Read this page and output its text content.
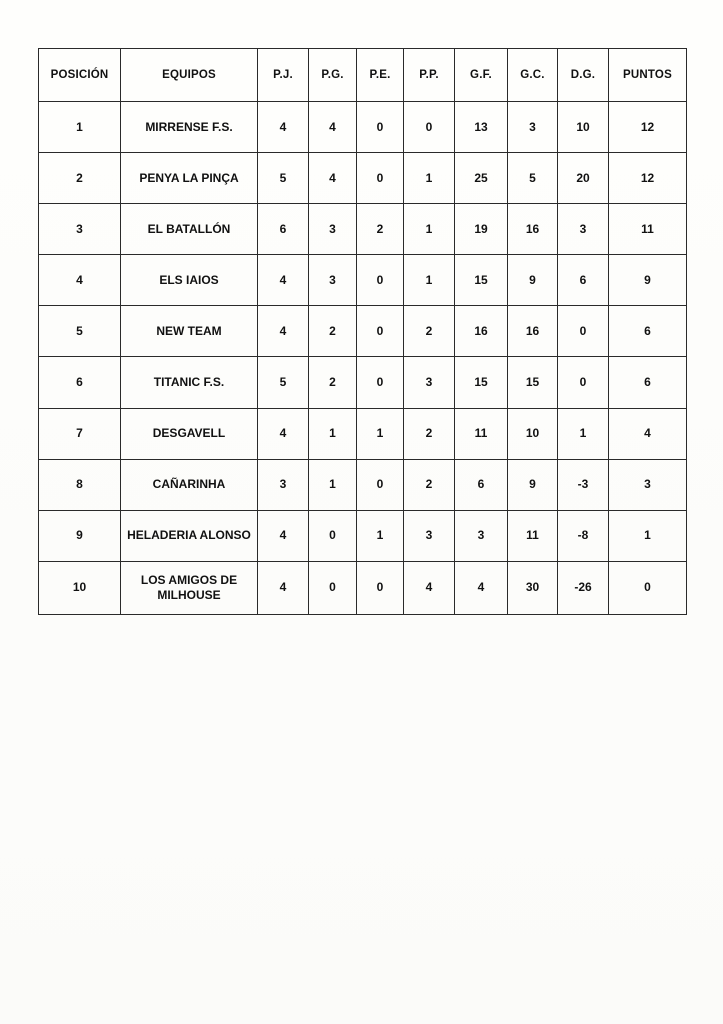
POSICIÓN	EQUIPOS	P.J.	P.G.	P.E.	P.P.	G.F.	G.C.	D.G.	PUNTOS
1	MIRRENSE F.S.	4	4	0	0	13	3	10	12
2	PENYA LA PINÇA	5	4	0	1	25	5	20	12
3	EL BATALLÓN	6	3	2	1	19	16	3	11
4	ELS IAIOS	4	3	0	1	15	9	6	9
5	NEW TEAM	4	2	0	2	16	16	0	6
6	TITANIC F.S.	5	2	0	3	15	15	0	6
7	DESGAVELL	4	1	1	2	11	10	1	4
8	CAÑARINHA	3	1	0	2	6	9	-3	3
9	HELADERIA ALONSO	4	0	1	3	3	11	-8	1
10	LOS AMIGOS DE MILHOUSE	4	0	0	4	4	30	-26	0
